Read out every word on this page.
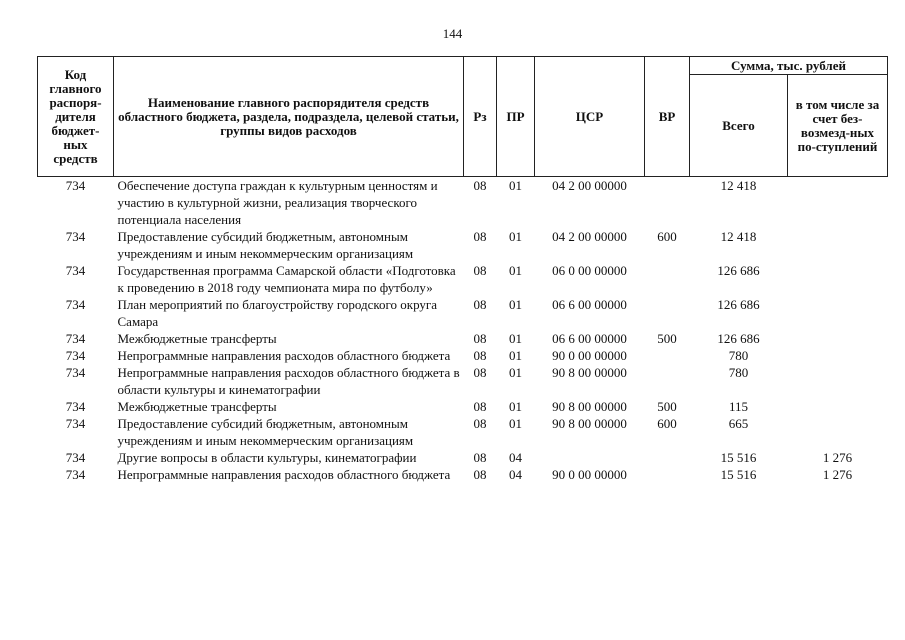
144
Код главного распоря-дителя бюджет-ных средств	Наименование главного распорядителя средств областного бюджета, раздела, подраздела, целевой статьи, группы видов расходов	Рз	ПР	ЦСР	ВР	Сумма, тыс. рублей	
						Всего	в том числе за счет без-возмезд-ных по-ступлений
734	Обеспечение доступа граждан к культурным ценностям и участию в культурной жизни, реализация творческого потенциала населения	08	01	04 2 00 00000		12 418	
734	Предоставление субсидий бюджетным, автономным учреждениям и иным некоммерческим организациям	08	01	04 2 00 00000	600	12 418	
734	Государственная программа Самарской области «Подготовка к проведению в 2018 году чемпионата мира по футболу»	08	01	06 0 00 00000		126 686	
734	План мероприятий по благоустройству городского округа Самара	08	01	06 6 00 00000		126 686	
734	Межбюджетные трансферты	08	01	06 6 00 00000	500	126 686	
734	Непрограммные направления расходов областного бюджета	08	01	90 0 00 00000		780	
734	Непрограммные направления расходов областного бюджета в области культуры и кинематографии	08	01	90 8 00 00000		780	
734	Межбюджетные трансферты	08	01	90 8 00 00000	500	115	
734	Предоставление субсидий бюджетным, автономным учреждениям и иным некоммерческим организациям	08	01	90 8 00 00000	600	665	
734	Другие вопросы в области культуры, кинематографии	08	04			15 516	1 276
734	Непрограммные направления расходов областного бюджета	08	04	90 0 00 00000		15 516	1 276
